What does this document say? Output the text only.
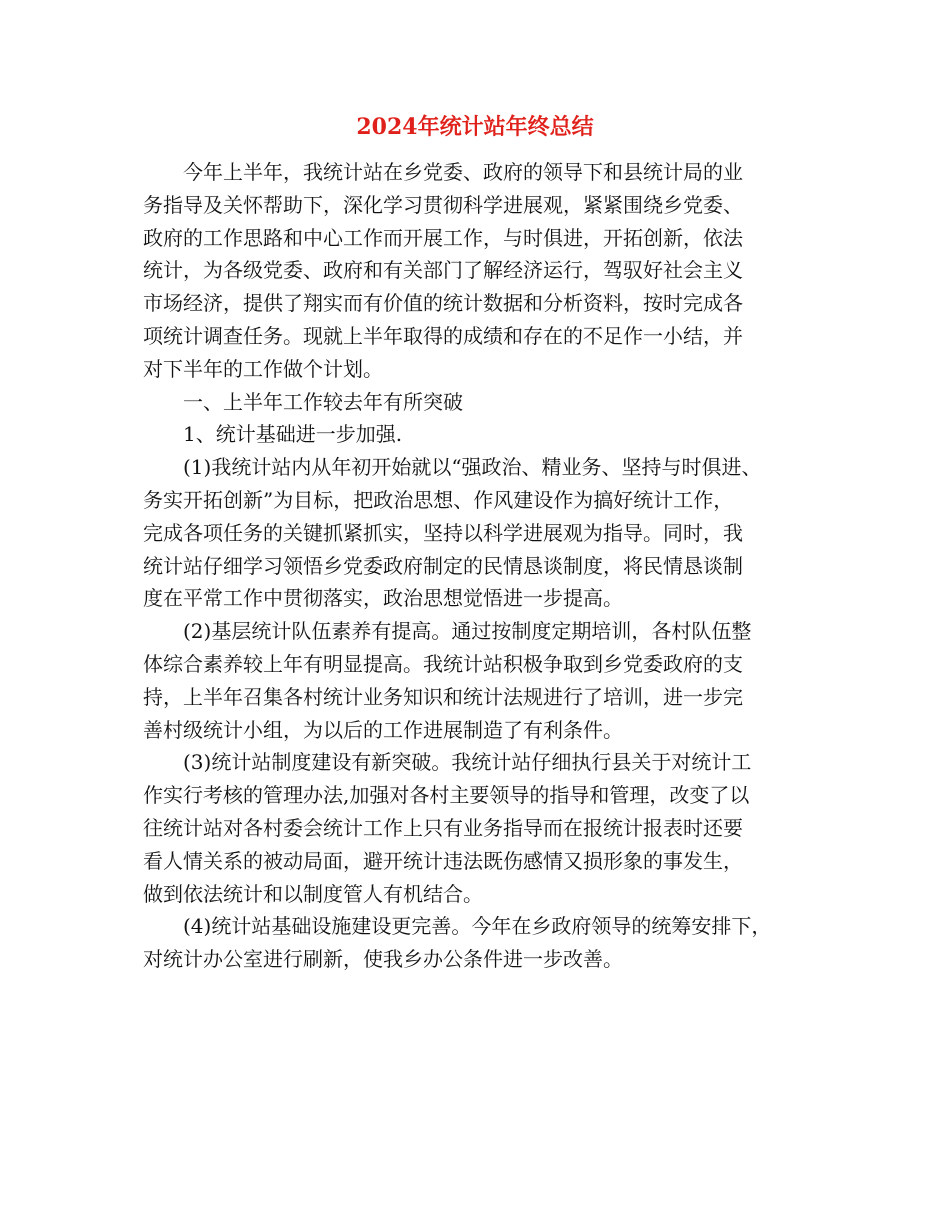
2024年统计站年终总结
今年上半年，我统计站在乡党委、政府的领导下和县统计局的业
务指导及关怀帮助下，深化学习贯彻科学进展观，紧紧围绕乡党委、
政府的工作思路和中心工作而开展工作，与时俱进，开拓创新，依法
统计，为各级党委、政府和有关部门了解经济运行，驾驭好社会主义
市场经济，提供了翔实而有价值的统计数据和分析资料，按时完成各
项统计调查任务。现就上半年取得的成绩和存在的不足作一小结，并
对下半年的工作做个计划。
一、上半年工作较去年有所突破
1、统计基础进一步加强.
(1)我统计站内从年初开始就以“强政治、精业务、坚持与时俱进、
务实开拓创新”为目标，把政治思想、作风建设作为搞好统计工作，
完成各项任务的关键抓紧抓实，坚持以科学进展观为指导。同时，我
统计站仔细学习领悟乡党委政府制定的民情恳谈制度，将民情恳谈制
度在平常工作中贯彻落实，政治思想觉悟进一步提高。
(2)基层统计队伍素养有提高。通过按制度定期培训，各村队伍整
体综合素养较上年有明显提高。我统计站积极争取到乡党委政府的支
持，上半年召集各村统计业务知识和统计法规进行了培训，进一步完
善村级统计小组，为以后的工作进展制造了有利条件。
(3)统计站制度建设有新突破。我统计站仔细执行县关于对统计工
作实行考核的管理办法,加强对各村主要领导的指导和管理，改变了以
往统计站对各村委会统计工作上只有业务指导而在报统计报表时还要
看人情关系的被动局面，避开统计违法既伤感情又损形象的事发生，
做到依法统计和以制度管人有机结合。
(4)统计站基础设施建设更完善。今年在乡政府领导的统筹安排下，
对统计办公室进行刷新，使我乡办公条件进一步改善。
